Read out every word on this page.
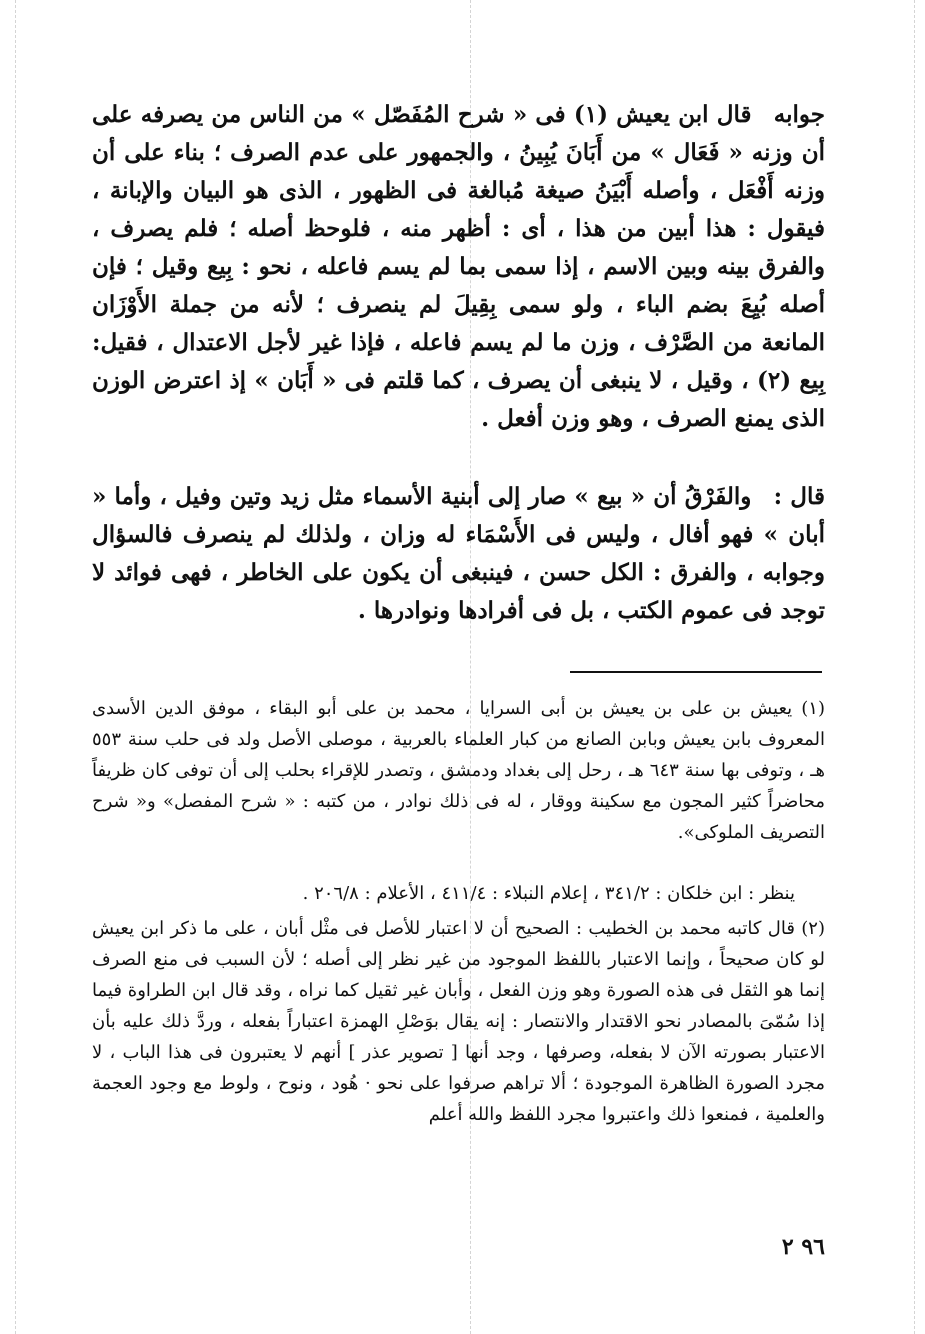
جوابه قال ابن يعيش (١) فى « شرح المُفَصّل » من الناس من يصرفه على أن وزنه « فَعَال » من أَبَانَ يُبِينُ ، والجمهور على عدم الصرف ؛ بناء على أن وزنه أَفْعَل ، وأصله أَبْيَنُ صيغة مُبالغة فى الظهور ، الذى هو البيان والإبانة ، فيقول : هذا أبين من هذا ، أى : أظهر منه ، فلوحظ أصله ؛ فلم يصرف ، والفرق بينه وبين الاسم ، إذا سمى بما لم يسم فاعله ، نحو : بِيع وقيل ؛ فإن أصله بُيِعَ بضم الباء ، ولو سمى بِقِيلَ لم ينصرف ؛ لأنه من جملة الأَوْزَان المانعة من الصَّرْف ، وزن ما لم يسم فاعله ، فإذا غير لأجل الاعتدال ، فقيل: بِيع (٢) ، وقيل ، لا ينبغى أن يصرف ، كما قلتم فى « أَبَان » إذ اعترض الوزن الذى يمنع الصرف ، وهو وزن أفعل .

قال : والفَرْقُ أن « بيع » صار إلى أبنية الأسماء مثل زيد وتين وفيل ، وأما « أبان » فهو أفال ، وليس فى الأَسْمَاء له وزان ، ولذلك لم ينصرف فالسؤال وجوابه ، والفرق : الكل حسن ، فينبغى أن يكون على الخاطر ، فهى فوائد لا توجد فى عموم الكتب ، بل فى أفرادها ونوادرها .

(١) يعيش بن على بن يعيش بن أبى السرايا ، محمد بن على أبو البقاء ، موفق الدين الأسدى المعروف بابن يعيش وبابن الصانع من كبار العلماء بالعربية ، موصلى الأصل ولد فى حلب سنة ٥٥٣ هـ ، وتوفى بها سنة ٦٤٣ هـ ، رحل إلى بغداد ودمشق ، وتصدر للإقراء بحلب إلى أن توفى كان ظريفاً محاضراً كثير المجون مع سكينة ووقار ، له فى ذلك نوادر ، من كتبه : « شرح المفصل» و« شرح التصريف الملوكى».

ينظر : ابن خلكان : ٣٤١/٢ ، إعلام النبلاء : ٤١١/٤ ، الأعلام : ٢٠٦/٨ .

(٢) قال كاتبه محمد بن الخطيب : الصحيح أن لا اعتبار للأصل فى مثْل أبان ، على ما ذكر ابن يعيش لو كان صحيحاً ، وإنما الاعتبار باللفظ الموجود من غير نظر إلى أصله ؛ لأن السبب فى منع الصرف إنما هو الثقل فى هذه الصورة وهو وزن الفعل ، وأبان غير ثقيل كما نراه ، وقد قال ابن الطراوة فيما إذا سُمّىَ بالمصادر نحو الاقتدار والانتصار : إنه يقال بوَصْلِ الهمزة اعتباراً بفعله ، وردَّ ذلك عليه بأن الاعتبار بصورته الآن لا بفعله، وصرفها ، وجد أنها [ تصوير عذر ] أنهم لا يعتبرون فى هذا الباب ، لا مجرد الصورة الظاهرة الموجودة ؛ ألا تراهم صرفوا على نحو · هُود ، ونوح ، ولوط مع وجود العجمة والعلمية ، فمنعوا ذلك واعتبروا مجرد اللفظ والله أعلم

٩٦ ٢
